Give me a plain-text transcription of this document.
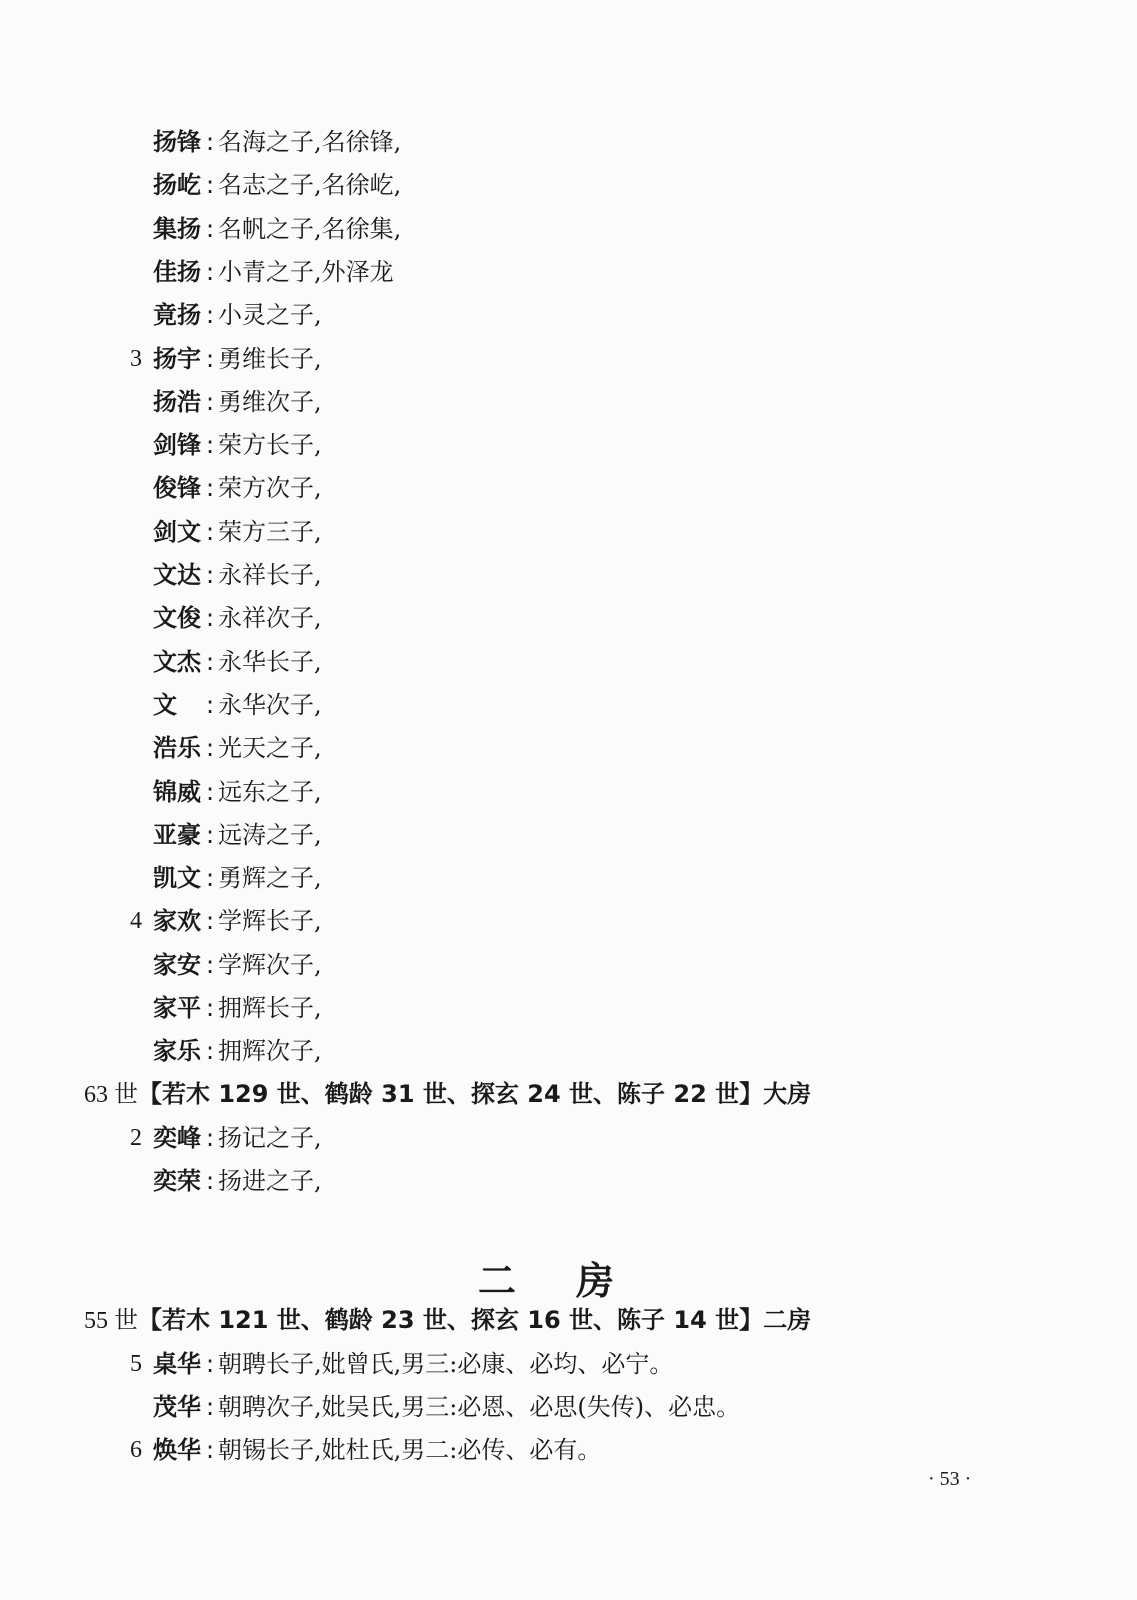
扬锋 : 名海之子,名徐锋,
扬屹 : 名志之子,名徐屹,
集扬 : 名帆之子,名徐集,
佳扬 : 小青之子,外泽龙
竟扬 : 小灵之子,
3 扬宇 : 勇维长子,
扬浩 : 勇维次子,
剑锋 : 荣方长子,
俊锋 : 荣方次子,
剑文 : 荣方三子,
文达 : 永祥长子,
文俊 : 永祥次子,
文杰 : 永华长子,
文 : 永华次子,
浩乐 : 光天之子,
锦威 : 远东之子,
亚豪 : 远涛之子,
凯文 : 勇辉之子,
4 家欢 : 学辉长子,
家安 : 学辉次子,
家平 : 拥辉长子,
家乐 : 拥辉次子,
63 世【若木 129 世、鹤龄 31 世、探玄 24 世、陈子 22 世】大房
2 奕峰 : 扬记之子,
奕荣 : 扬进之子,
二房
55 世【若木 121 世、鹤龄 23 世、探玄 16 世、陈子 14 世】二房
5 桌华 : 朝聘长子,妣曾氏,男三:必康、必均、必宁。
茂华 : 朝聘次子,妣吴氏,男三:必恩、必思(失传)、必忠。
6 焕华 : 朝锡长子,妣杜氏,男二:必传、必有。
· 53 ·
